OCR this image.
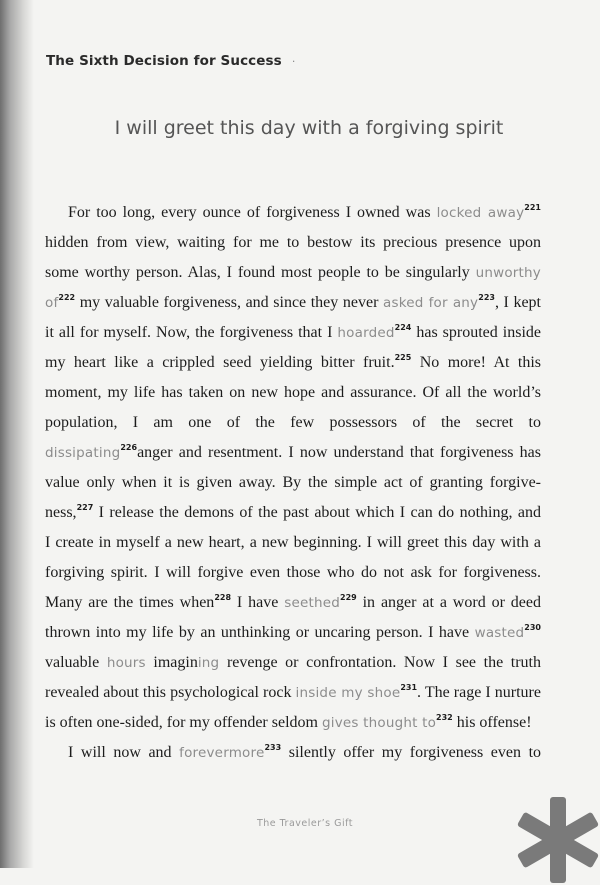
The Sixth Decision for Success ·
I will greet this day with a forgiving spirit
For too long, every ounce of forgiveness I owned was locked away$^{221}$
hidden from view, waiting for me to bestow its precious presence upon
some worthy person. Alas, I found most people to be singularly unworthy
$of^{222}$ my valuable forgiveness, and since they never asked for any$^{223}$, I kept
it all for myself. Now, the forgiveness that I hoarded$^{224}$ has sprouted inside
my heart like a crippled seed yielding bitter fruit.$^{225}$ No more! At this
moment, my life has taken on new hope and assurance. Of all the world’s
population, I am one of the few possessors of the secret to
dissipating$^{226}$anger and resentment. I now understand that forgiveness has
value only when it is given away. By the simple act of granting forgive-
ness,$^{227}$ I release the demons of the past about which I can do nothing, and
I create in myself a new heart, a new beginning. I will greet this day with a
forgiving spirit. I will forgive even those who do not ask for forgiveness.
Many are the times when$^{228}$ I have seethed$^{229}$ in anger at a word or deed
thrown into my life by an unthinking or uncaring person. I have wasted$^{230}$
valuable hours imagining revenge or confrontation. Now I see the truth
revealed about this psychological rock inside my shoe$^{231}$. The rage I nurture
is often one-sided, for my offender seldom gives thought $to^{232}$ his offense!
I will now and forevermore$^{233}$ silently offer my forgiveness even to
The Traveler’s Gift
